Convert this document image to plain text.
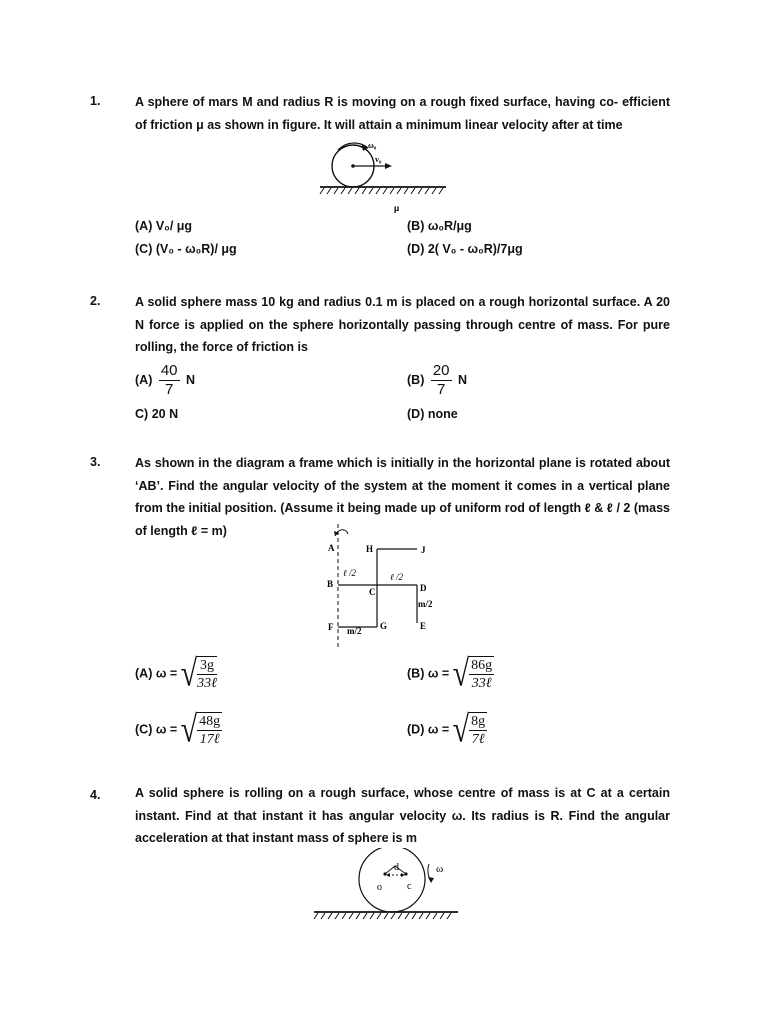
1.	A sphere of mars M and radius R is moving on a rough fixed surface, having co- efficient of friction μ as shown in figure. It will attain a minimum linear velocity after at time
ω₀
v₀
μ
(A) V₀/ μg	(B) ω₀R/μg
(C) (V₀ - ω₀R)/ μg	(D) 2( V₀ - ω₀R)/7μg
2.	A solid sphere mass 10 kg and radius 0.1 m is placed on a rough horizontal surface. A 20 N force is applied on the sphere horizontally passing through centre of mass. For pure rolling, the force of friction is
$(A) \frac{40}{7}$ N	$(B) \frac{20}{7}$ N
C) 20 N	(D) none
3.	As shown in the diagram a frame which is initially in the horizontal plane is rotated about ‘AB’. Find the angular velocity of the system at the moment it comes in a vertical plane from the initial position. (Assume it being made up of uniform rod of length ℓ & ℓ / 2 (mass of length ℓ = m)
A	H	J
ℓ /2	ℓ /2
B
C	D
m/2
F	G
m/2	E
(A) ω = √ $\frac{3g}{\text{33ℓ}}$	(B) ω = √ $\frac{86g}{\text{33ℓ}}$
(C) ω = √ $\frac{48g}{\text{17ℓ}}$	(D) ω = √ $\frac{8g}{\text{7ℓ}}$
4.	A solid sphere is rolling on a rough surface, whose centre of mass is at C at a certain instant. Find at that instant it has angular velocity ω. Its radius is R. Find the angular acceleration at that instant mass of sphere is m
d
o	c
ω
